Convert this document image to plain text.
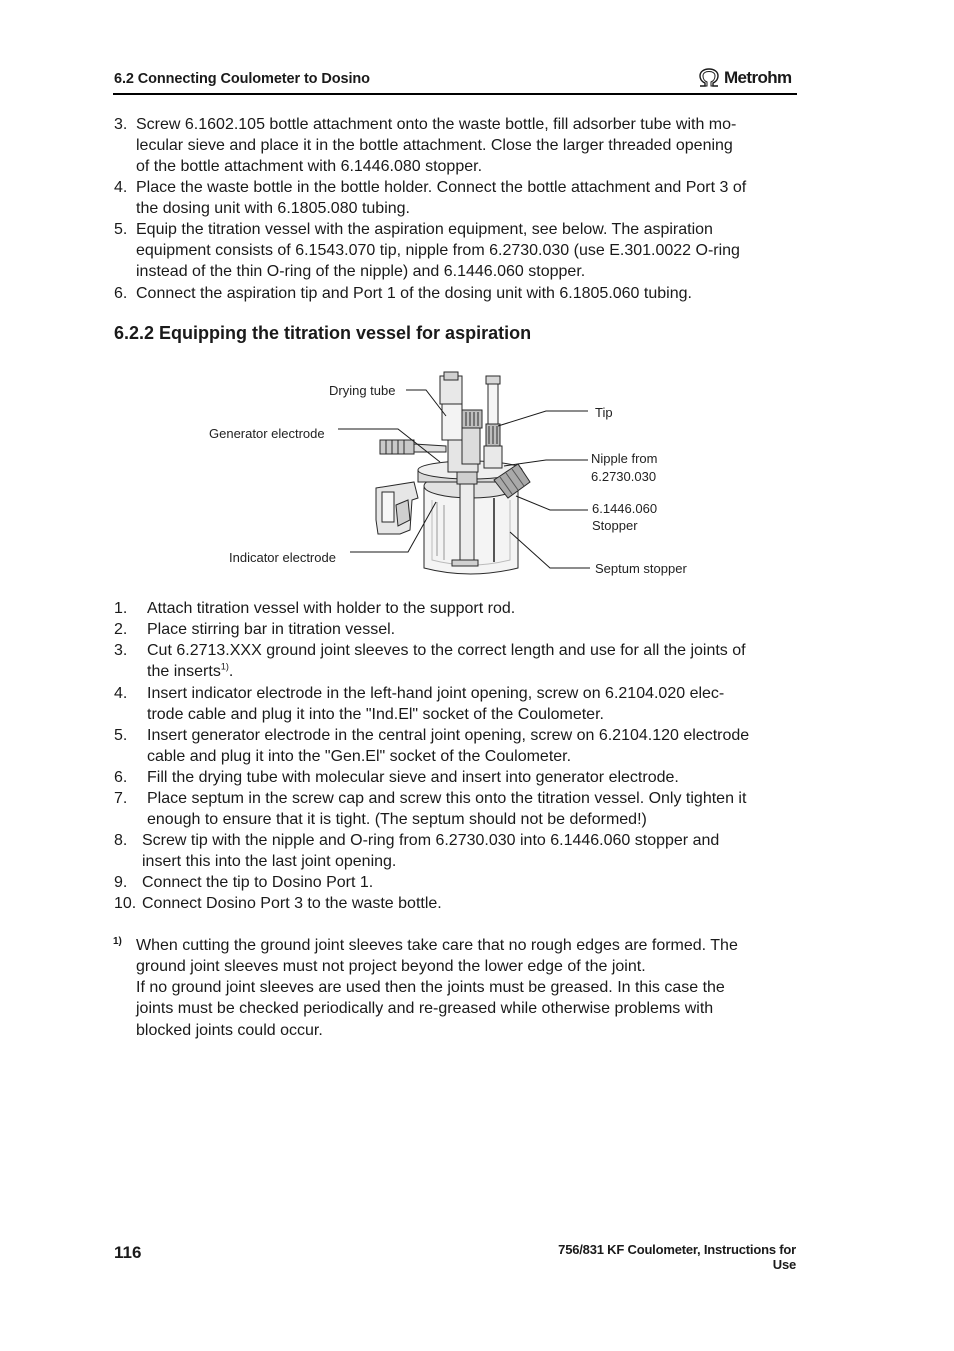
6.2 Connecting Coulometer to Dosino	Metrohm
3. Screw 6.1602.105 bottle attachment onto the waste bottle, fill adsorber tube with mo-
lecular sieve and place it in the bottle attachment. Close the larger threaded opening
of the bottle attachment with 6.1446.080 stopper.
4. Place the waste bottle in the bottle holder. Connect the bottle attachment and Port 3 of
the dosing unit with 6.1805.080 tubing.
5. Equip the titration vessel with the aspiration equipment, see below. The aspiration
equipment consists of 6.1543.070 tip, nipple from 6.2730.030 (use E.301.0022 O-ring
instead of the thin O-ring of the nipple) and 6.1446.060 stopper.
6. Connect the aspiration tip and Port 1 of the dosing unit with 6.1805.060 tubing.
6.2.2 Equipping the titration vessel for aspiration
Drying tube
Generator electrode
Indicator electrode
Tip
Nipple from
6.2730.030
6.1446.060
Stopper
Septum stopper
1. Attach titration vessel with holder to the support rod.
2. Place stirring bar in titration vessel.
3. Cut 6.2713.XXX ground joint sleeves to the correct length and use for all the joints of
the inserts$^{1)}$.
4. Insert indicator electrode in the left-hand joint opening, screw on 6.2104.020 elec-
trode cable and plug it into the "Ind.El" socket of the Coulometer.
5. Insert generator electrode in the central joint opening, screw on 6.2104.120 electrode
cable and plug it into the "Gen.El" socket of the Coulometer.
6. Fill the drying tube with molecular sieve and insert into generator electrode.
7. Place septum in the screw cap and screw this onto the titration vessel. Only tighten it
enough to ensure that it is tight. (The septum should not be deformed!)
8. Screw tip with the nipple and O-ring from 6.2730.030 into 6.1446.060 stopper and
insert this into the last joint opening.
9. Connect the tip to Dosino Port 1.
10. Connect Dosino Port 3 to the waste bottle.
1) When cutting the ground joint sleeves take care that no rough edges are formed. The
ground joint sleeves must not project beyond the lower edge of the joint.
If no ground joint sleeves are used then the joints must be greased. In this case the
joints must be checked periodically and re-greased while otherwise problems with
blocked joints could occur.
116	756/831 KF Coulometer, Instructions for Use
